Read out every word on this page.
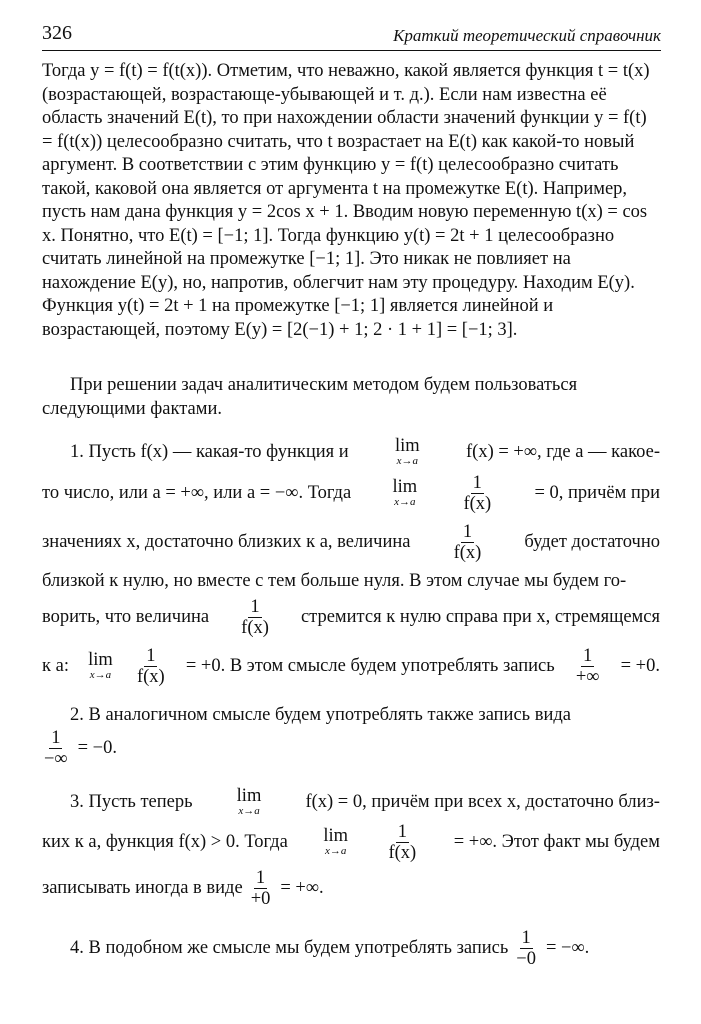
326	Краткий теоретический справочник

Тогда y = f(t) = f(t(x)). Отметим, что неважно, какой является функция t = t(x) (возрастающей, возрастающе-убывающей и т. д.). Если нам известна её область значений E(t), то при нахождении области значений функции y = f(t) = f(t(x)) целесообразно считать, что t возрастает на E(t) как какой-то новый аргумент. В соответствии с этим функцию y = f(t) целесообразно считать такой, каковой она является от аргумента t на промежутке E(t). Например, пусть нам дана функция y = 2cos x + 1. Вводим новую переменную t(x) = cos x. Понятно, что E(t) = [−1; 1]. Тогда функцию y(t) = 2t + 1 целесообразно считать линейной на промежутке [−1; 1]. Это никак не повлияет на нахождение E(y), но, напротив, облегчит нам эту процедуру. Находим E(y). Функция y(t) = 2t + 1 на промежутке [−1; 1] является линейной и возрастающей, поэтому E(y) = [2(−1) + 1; 2 · 1 + 1] = [−1; 3].

При решении задач аналитическим методом будем пользоваться следующими фактами.

1. Пусть f(x) — какая-то функция и	lim
x→a	f(x) = +∞, где a — какое-
то число, или a = +∞, или a = −∞. Тогда lim
$x\to a \frac{1}{f(x)} = 0$, причём при
значениях x, достаточно близких к a, величина $\frac{1}{f(x)}$ будет достаточно
близкой к нулю, но вместе с тем больше нуля. В этом случае мы будем го-
ворить, что величина $\frac{1}{f(x)}$ стремится к нулю справа при x, стремящемся
к a: lim
$x\to a \frac{1}{f(x)} = +0$. В этом смысле будем употреблять запись $\frac{1}{+\infty} = +0$.
2. В аналогичном смысле будем употреблять также запись вида
$\frac{1}{-\infty} = -0$.
3. Пусть теперь lim
x→a f(x) = 0, причём при всех x, достаточно близ-
ких к a, функция f(x) > 0. Тогда lim
$x\to a \frac{1}{f(x)}$ = +∞. Этот факт мы будем
записывать иногда в виде $\frac{1}{+0}$ = +∞.
4. В подобном же смысле мы будем употреблять запись $\frac{1}{-0}$ = −∞.
